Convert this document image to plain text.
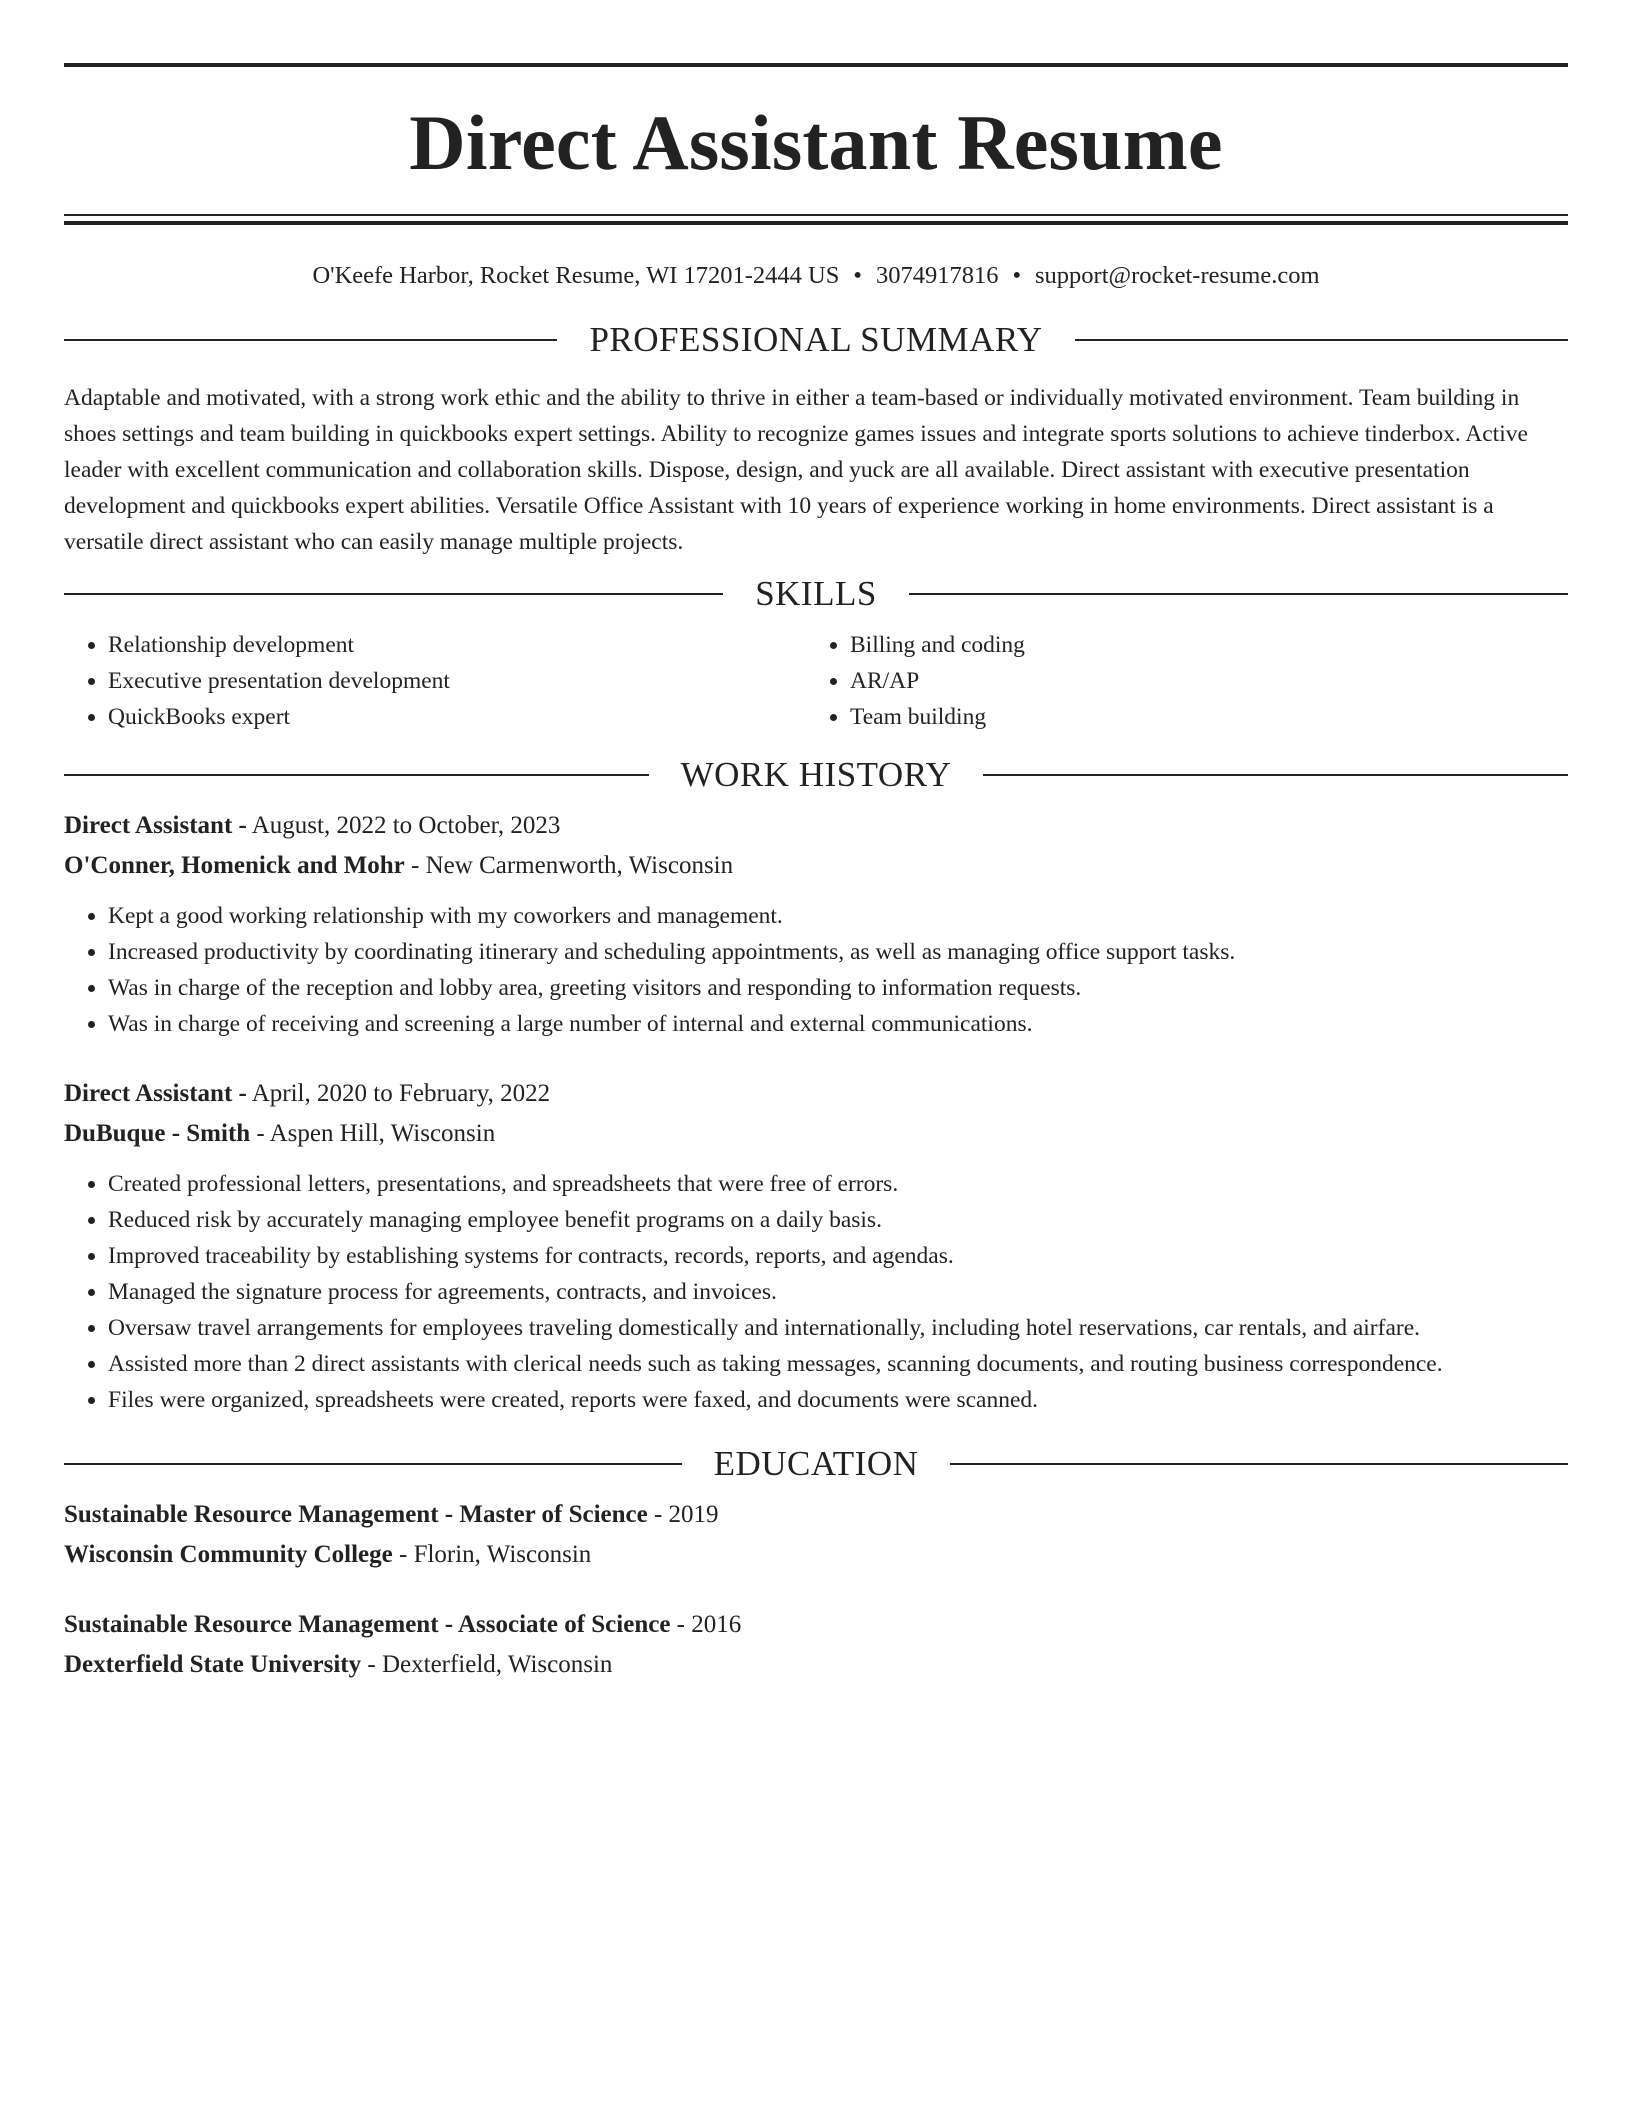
Direct Assistant Resume
O'Keefe Harbor, Rocket Resume, WI 17201-2444 US • 3074917816 • support@rocket-resume.com
PROFESSIONAL SUMMARY

Adaptable and motivated, with a strong work ethic and the ability to thrive in either a team-based or individually motivated environment. Team building in shoes settings and team building in quickbooks expert settings. Ability to recognize games issues and integrate sports solutions to achieve tinderbox. Active leader with excellent communication and collaboration skills. Dispose, design, and yuck are all available. Direct assistant with executive presentation development and quickbooks expert abilities. Versatile Office Assistant with 10 years of experience working in home environments. Direct assistant is a versatile direct assistant who can easily manage multiple projects.

SKILLS
• Relationship development
• Executive presentation development
• QuickBooks expert
• Billing and coding
• AR/AP
• Team building
WORK HISTORY
Direct Assistant - August, 2022 to October, 2023
O'Conner, Homenick and Mohr - New Carmenworth, Wisconsin
• Kept a good working relationship with my coworkers and management.
• Increased productivity by coordinating itinerary and scheduling appointments, as well as managing office support tasks.
• Was in charge of the reception and lobby area, greeting visitors and responding to information requests.
• Was in charge of receiving and screening a large number of internal and external communications.
Direct Assistant - April, 2020 to February, 2022
DuBuque - Smith - Aspen Hill, Wisconsin
• Created professional letters, presentations, and spreadsheets that were free of errors.
• Reduced risk by accurately managing employee benefit programs on a daily basis.
• Improved traceability by establishing systems for contracts, records, reports, and agendas.
• Managed the signature process for agreements, contracts, and invoices.
• Oversaw travel arrangements for employees traveling domestically and internationally, including hotel reservations, car rentals, and airfare.
• Assisted more than 2 direct assistants with clerical needs such as taking messages, scanning documents, and routing business correspondence.
• Files were organized, spreadsheets were created, reports were faxed, and documents were scanned.
EDUCATION
Sustainable Resource Management - Master of Science - 2019
Wisconsin Community College - Florin, Wisconsin
Sustainable Resource Management - Associate of Science - 2016
Dexterfield State University - Dexterfield, Wisconsin
